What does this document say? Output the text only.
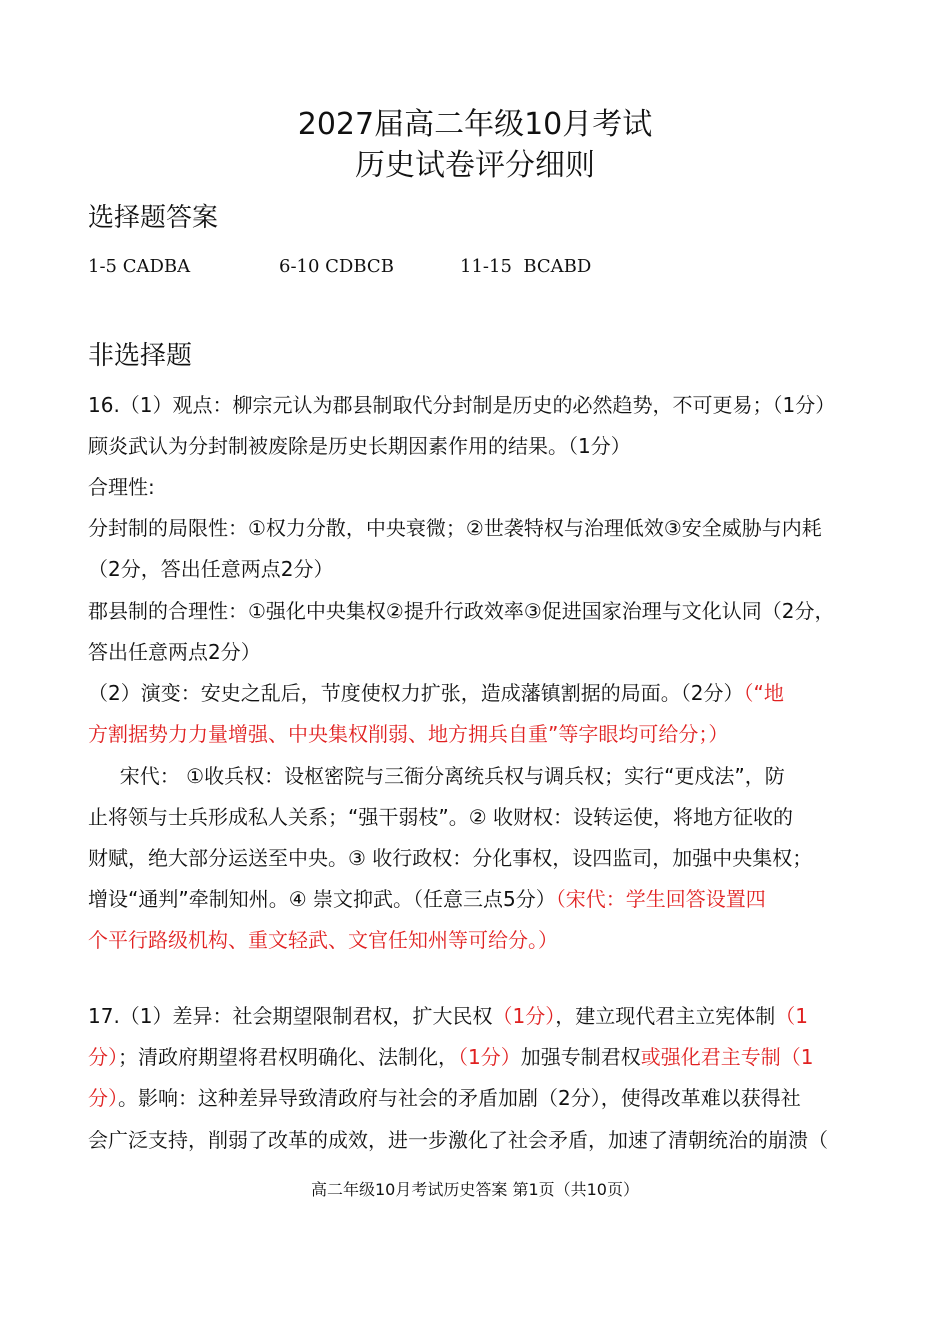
2027届高二年级10月考试
历史试卷评分细则
选择题答案
1-5 CADBA	6-10 CDBCB	11-15  BCABD
非选择题
16.（1）观点：柳宗元认为郡县制取代分封制是历史的必然趋势，不可更易；（1分）
顾炎武认为分封制被废除是历史长期因素作用的结果。（1分）
合理性:
分封制的局限性：①权力分散，中央衰微；②世袭特权与治理低效③安全威胁与内耗
（2分，答出任意两点2分）
郡县制的合理性：①强化中央集权②提升行政效率③促进国家治理与文化认同（2分，
答出任意两点2分）
（2）演变：安史之乱后，节度使权力扩张，造成藩镇割据的局面。（2分）（“地
方割据势力力量增强、中央集权削弱、地方拥兵自重”等字眼均可给分；）
宋代： ①收兵权：设枢密院与三衙分离统兵权与调兵权；实行“更戍法”，防
止将领与士兵形成私人关系；“强干弱枝”。② 收财权：设转运使，将地方征收的
财赋，绝大部分运送至中央。③ 收行政权：分化事权，设四监司，加强中央集权；
增设“通判”牵制知州。④ 崇文抑武。（任意三点5分）（宋代：学生回答设置四
个平行路级机构、重文轻武、文官任知州等可给分。）
17.（1）差异：社会期望限制君权，扩大民权（1分），建立现代君主立宪体制（1
分）；清政府期望将君权明确化、法制化，（1分）加强专制君权或强化君主专制（1
分）。影响：这种差异导致清政府与社会的矛盾加剧（2分），使得改革难以获得社
会广泛支持，削弱了改革的成效，进一步激化了社会矛盾，加速了清朝统治的崩溃（
高二年级10月考试历史答案 第1页（共10页）
